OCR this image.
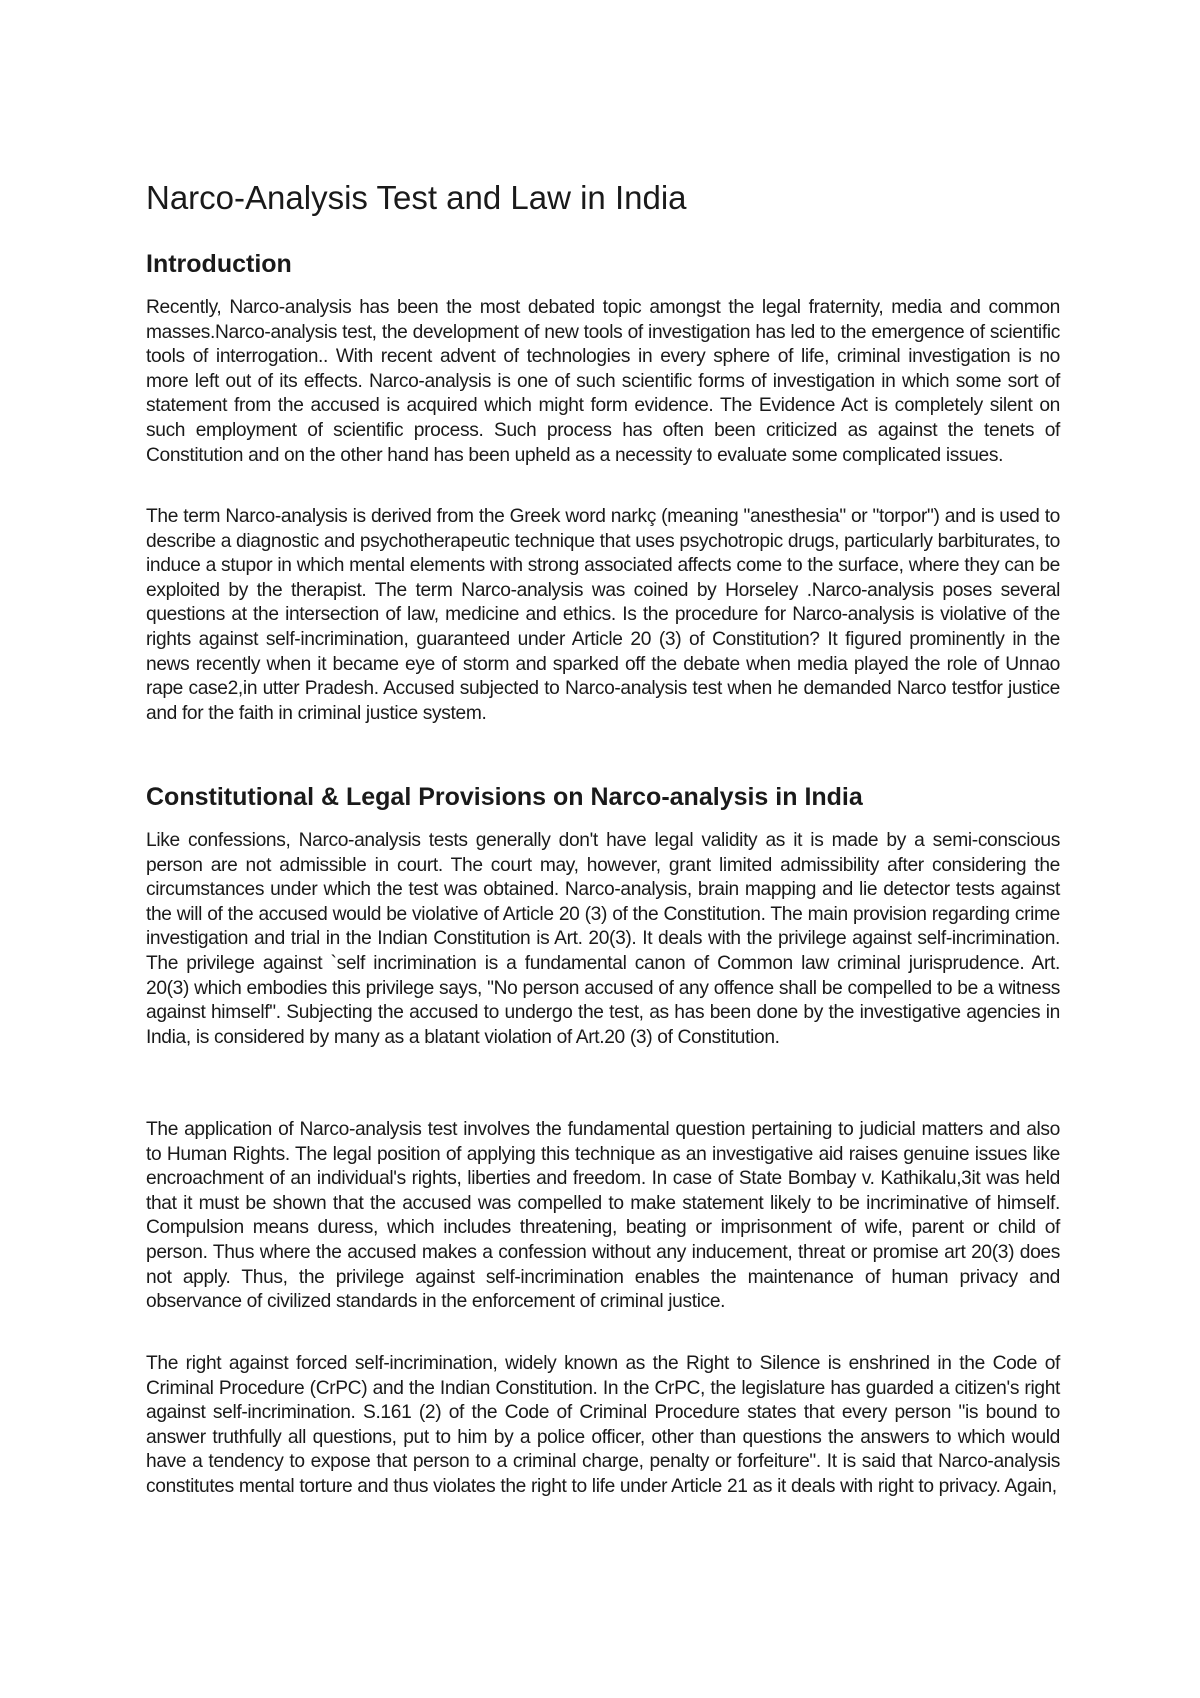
Narco-Analysis Test and Law in India
Introduction

Recently, Narco-analysis has been the most debated topic amongst the legal fraternity, media and common masses.Narco-analysis test, the development of new tools of investigation has led to the emergence of scientific tools of interrogation.. With recent advent of technologies in every sphere of life, criminal investigation is no more left out of its effects. Narco-analysis is one of such scientific forms of investigation in which some sort of statement from the accused is acquired which might form evidence. The Evidence Act is completely silent on such employment of scientific process. Such process has often been criticized as against the tenets of Constitution and on the other hand has been upheld as a necessity to evaluate some complicated issues.

The term Narco-analysis is derived from the Greek word narkç (meaning "anesthesia" or "torpor") and is used to describe a diagnostic and psychotherapeutic technique that uses psychotropic drugs, particularly barbiturates, to induce a stupor in which mental elements with strong associated affects come to the surface, where they can be exploited by the therapist. The term Narco-analysis was coined by Horseley .Narco-analysis poses several questions at the intersection of law, medicine and ethics. Is the procedure for Narco-analysis is violative of the rights against self-incrimination, guaranteed under Article 20 (3) of Constitution? It figured prominently in the news recently when it became eye of storm and sparked off the debate when media played the role of Unnao rape case2,in utter Pradesh. Accused subjected to Narco-analysis test when he demanded Narco testfor justice and for the faith in criminal justice system.

Constitutional & Legal Provisions on Narco-analysis in India

Like confessions, Narco-analysis tests generally don't have legal validity as it is made by a semi-conscious person are not admissible in court. The court may, however, grant limited admissibility after considering the circumstances under which the test was obtained. Narco-analysis, brain mapping and lie detector tests against the will of the accused would be violative of Article 20 (3) of the Constitution. The main provision regarding crime investigation and trial in the Indian Constitution is Art. 20(3). It deals with the privilege against self-incrimination. The privilege against `self incrimination is a fundamental canon of Common law criminal jurisprudence. Art. 20(3) which embodies this privilege says, "No person accused of any offence shall be compelled to be a witness against himself". Subjecting the accused to undergo the test, as has been done by the investigative agencies in India, is considered by many as a blatant violation of Art.20 (3) of Constitution.

The application of Narco-analysis test involves the fundamental question pertaining to judicial matters and also to Human Rights. The legal position of applying this technique as an investigative aid raises genuine issues like encroachment of an individual's rights, liberties and freedom. In case of State Bombay v. Kathikalu,3it was held that it must be shown that the accused was compelled to make statement likely to be incriminative of himself. Compulsion means duress, which includes threatening, beating or imprisonment of wife, parent or child of person. Thus where the accused makes a confession without any inducement, threat or promise art 20(3) does not apply. Thus, the privilege against self-incrimination enables the maintenance of human privacy and observance of civilized standards in the enforcement of criminal justice.

The right against forced self-incrimination, widely known as the Right to Silence is enshrined in the Code of Criminal Procedure (CrPC) and the Indian Constitution. In the CrPC, the legislature has guarded a citizen's right against self-incrimination. S.161 (2) of the Code of Criminal Procedure states that every person "is bound to answer truthfully all questions, put to him by a police officer, other than questions the answers to which would have a tendency to expose that person to a criminal charge, penalty or forfeiture". It is said that Narco-analysis constitutes mental torture and thus violates the right to life under Article 21 as it deals with right to privacy. Again,
